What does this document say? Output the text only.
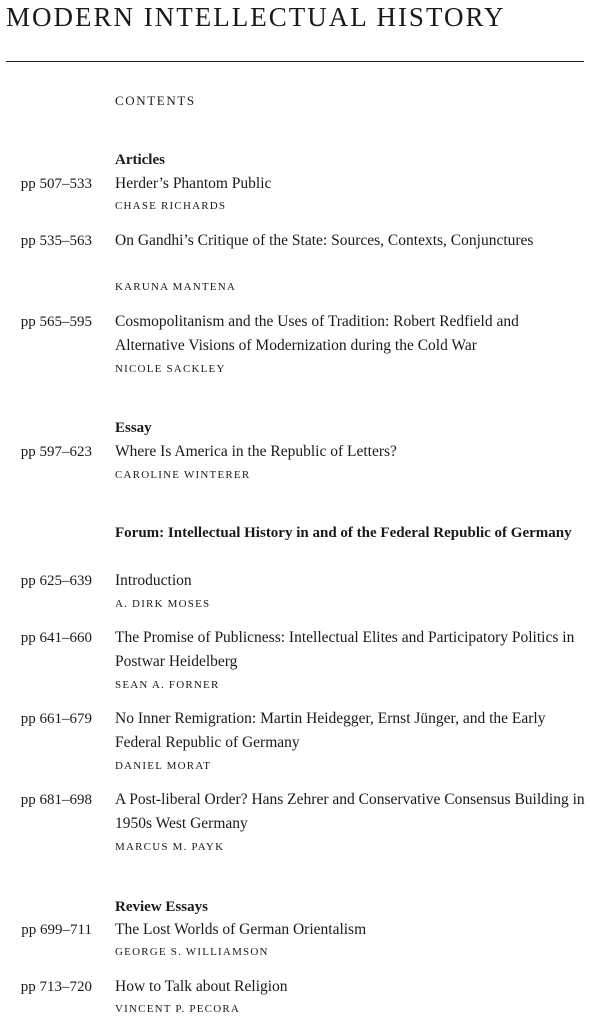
MODERN INTELLECTUAL HISTORY
CONTENTS
Articles
pp 507–533 Herder’s Phantom Public
CHASE RICHARDS
pp 535–563 On Gandhi’s Critique of the State: Sources, Contexts, Conjunctures
KARUNA MANTENA
pp 565–595 Cosmopolitanism and the Uses of Tradition: Robert Redfield and Alternative Visions of Modernization during the Cold War
NICOLE SACKLEY
Essay
pp 597–623 Where Is America in the Republic of Letters?
CAROLINE WINTERER
Forum: Intellectual History in and of the Federal Republic of Germany
pp 625–639 Introduction
A. DIRK MOSES
pp 641–660 The Promise of Publicness: Intellectual Elites and Participatory Politics in Postwar Heidelberg
SEAN A. FORNER
pp 661–679 No Inner Remigration: Martin Heidegger, Ernst Jünger, and the Early Federal Republic of Germany
DANIEL MORAT
pp 681–698 A Post-liberal Order? Hans Zehrer and Conservative Consensus Building in 1950s West Germany
MARCUS M. PAYK
Review Essays
pp 699–711 The Lost Worlds of German Orientalism
GEORGE S. WILLIAMSON
pp 713–720 How to Talk about Religion
VINCENT P. PECORA
